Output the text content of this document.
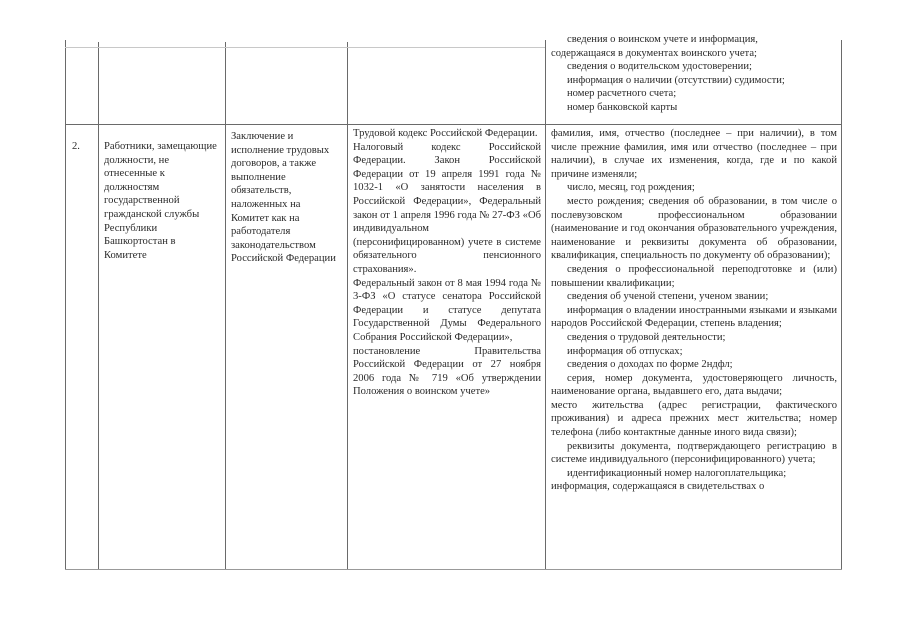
сведения о воинском учете и информация,

содержащаяся в документах воинского учета;

сведения о водительском удостоверении;

информация о наличии (отсутствии) судимости;

номер расчетного счета;

номер банковской карты

2. Работники, замещающие должности, не отнесенные к должностям государственной гражданской службы Республики Башкортостан в Комитете
Заключение и исполнение трудовых договоров, а также выполнение обязательств, наложенных на Комитет как на работодателя законодательством Российской Федерации

Трудовой кодекс Российской Федерации.

Налоговый кодекс Российской Федерации. Закон Российской Федерации от 19 апреля 1991 года № 1032-1 «О занятости населения в Российской Федерации», Федеральный закон от 1 апреля 1996 года № 27-ФЗ «Об индивидуальном (персонифицированном) учете в системе обязательного пенсионного страхования».

Федеральный закон от 8 мая 1994 года № 3-ФЗ «О статусе сенатора Российской Федерации и статусе депутата Государственной Думы Федерального Собрания Российской Федерации»,

постановление Правительства Российской Федерации от 27 ноября 2006 года № 719 «Об утверждении Положения о воинском учете»

фамилия, имя, отчество (последнее – при наличии), в том числе прежние фамилия, имя или отчество (последнее – при наличии), в случае их изменения, когда, где и по какой причине изменяли;

число, месяц, год рождения;

место рождения; сведения об образовании, в том числе о послевузовском профессиональном образовании (наименование и год окончания образовательного учреждения, наименование и реквизиты документа об образовании, квалификация, специальность по документу об образовании);

сведения о профессиональной переподготовке и (или) повышении квалификации;

сведения об ученой степени, ученом звании;

информация о владении иностранными языками и языками народов Российской Федерации, степень владения;

сведения о трудовой деятельности;

информация об отпусках;

сведения о доходах по форме 2ндфл;

серия, номер документа, удостоверяющего личность, наименование органа, выдавшего его, дата выдачи;

место жительства (адрес регистрации, фактического проживания) и адреса прежних мест жительства; номер телефона (либо контактные данные иного вида связи);

реквизиты документа, подтверждающего регистрацию в системе индивидуального (персонифицированного) учета;

идентификационный номер налогоплательщика;

информация, содержащаяся в свидетельствах о
